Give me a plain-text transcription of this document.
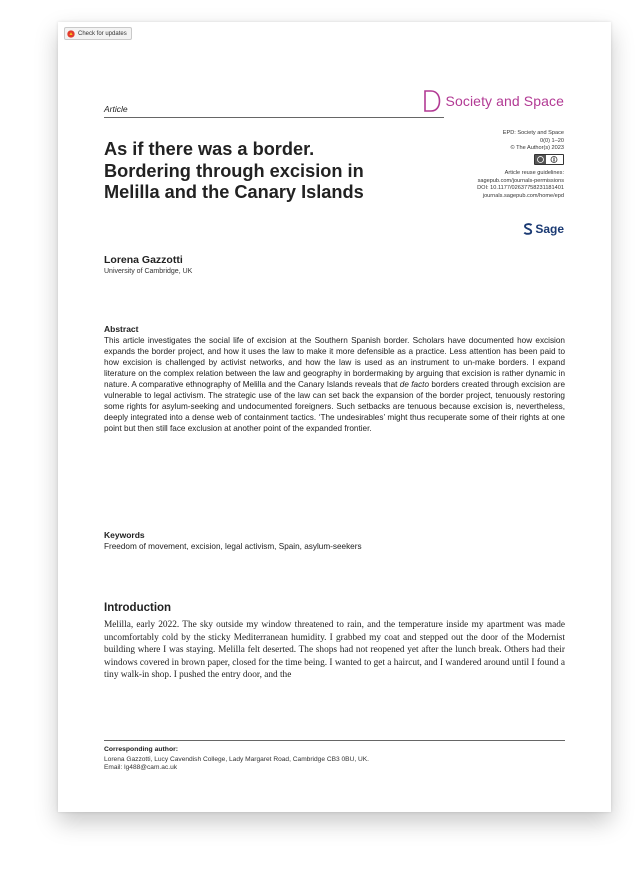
Check for updates
Article	Society and Space
As if there was a border.
Bordering through excision in
Melilla and the Canary Islands
EPD: Society and Space
0(0) 1–20
© The Author(s) 2023
Article reuse guidelines:
sagepub.com/journals-permissions
DOI: 10.1177/02637758231181401
journals.sagepub.com/home/epd
Sage
Lorena Gazzotti
University of Cambridge, UK
Abstract

This article investigates the social life of excision at the Southern Spanish border. Scholars have documented how excision expands the border project, and how it uses the law to make it more defensible as a practice. Less attention has been paid to how excision is challenged by activist networks, and how the law is used as an instrument to un-make borders. I expand literature on the complex relation between the law and geography in bordermaking by arguing that excision is rather dynamic in nature. A comparative ethnography of Melilla and the Canary Islands reveals that de facto borders created through excision are vulnerable to legal activism. The strategic use of the law can set back the expansion of the border project, tenuously restoring some rights for asylum-seeking and undocumented foreigners. Such setbacks are tenuous because excision is, nevertheless, deeply integrated into a dense web of containment tactics. ‘The undesirables’ might thus recuperate some of their rights at one point but then still face exclusion at another point of the expanded frontier.

Keywords
Freedom of movement, excision, legal activism, Spain, asylum-seekers
Introduction

Melilla, early 2022. The sky outside my window threatened to rain, and the temperature inside my apartment was made uncomfortably cold by the sticky Mediterranean humidity. I grabbed my coat and stepped out the door of the Modernist building where I was staying. Melilla felt deserted. The shops had not reopened yet after the lunch break. Others had their windows covered in brown paper, closed for the time being. I wanted to get a haircut, and I wandered around until I found a tiny walk-in shop. I pushed the entry door, and the

Corresponding author:
Lorena Gazzotti, Lucy Cavendish College, Lady Margaret Road, Cambridge CB3 0BU, UK.
Email: lg488@cam.ac.uk
